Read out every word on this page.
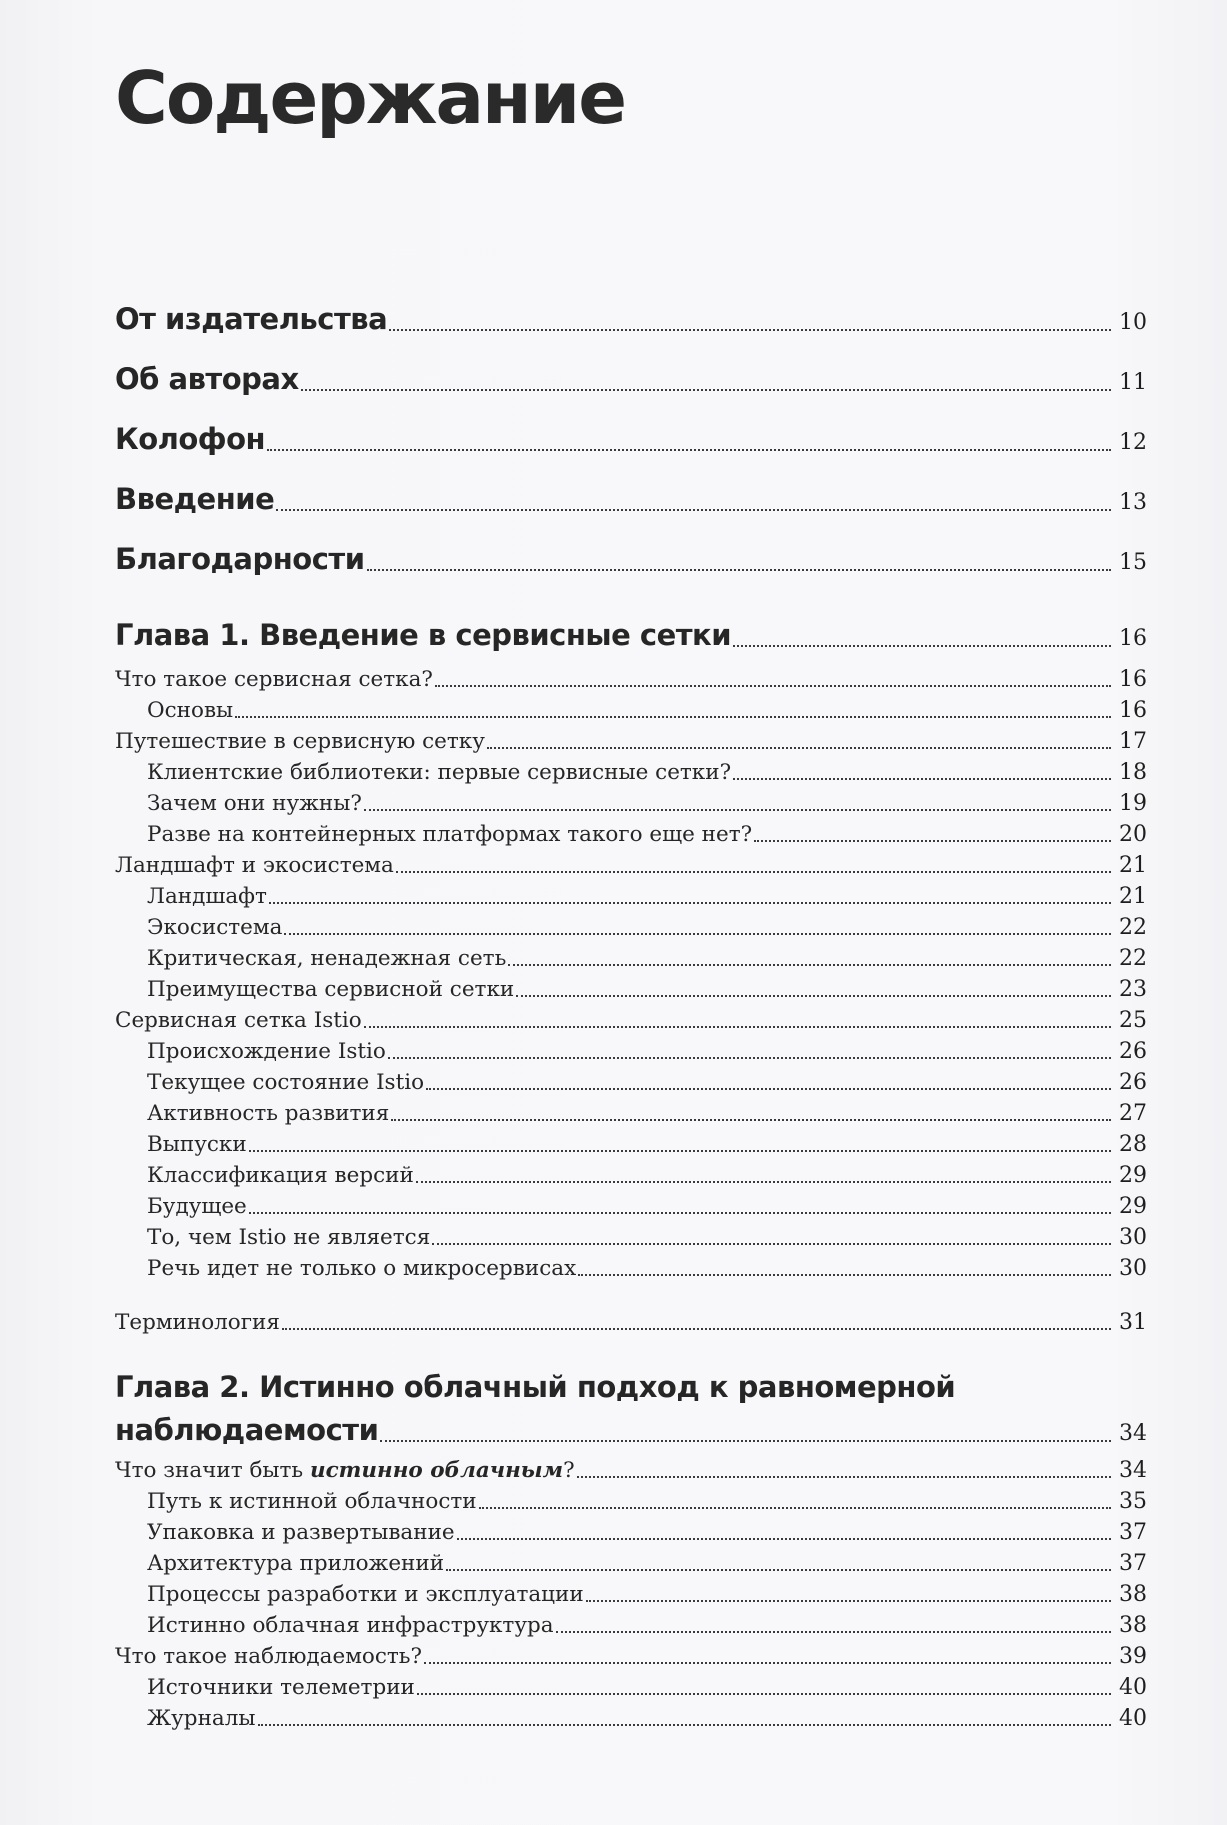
Содержание
От издательства	10
Об авторах	11
Колофон	12
Введение	13
Благодарности	15
Глава 1. Введение в сервисные сетки	16
Что такое сервисная сетка?	16
Основы	16
Путешествие в сервисную сетку	17
Клиентские библиотеки: первые сервисные сетки?	18
Зачем они нужны?	19
Разве на контейнерных платформах такого еще нет?	20
Ландшафт и экосистема	21
Ландшафт	21
Экосистема	22
Критическая, ненадежная сеть	22
Преимущества сервисной сетки	23
Сервисная сетка Istio	25
Происхождение Istio	26
Текущее состояние Istio	26
Активность развития	27
Выпуски	28
Классификация версий	29
Будущее	29
То, чем Istio не является	30
Речь идет не только о микросервисах	30
Терминология	31
Глава 2. Истинно облачный подход к равномерной
наблюдаемости	34
Что значит быть истинно облачным?	34
Путь к истинной облачности	35
Упаковка и развертывание	37
Архитектура приложений	37
Процессы разработки и эксплуатации	38
Истинно облачная инфраструктура	38
Что такое наблюдаемость?	39
Источники телеметрии	40
Журналы	40
